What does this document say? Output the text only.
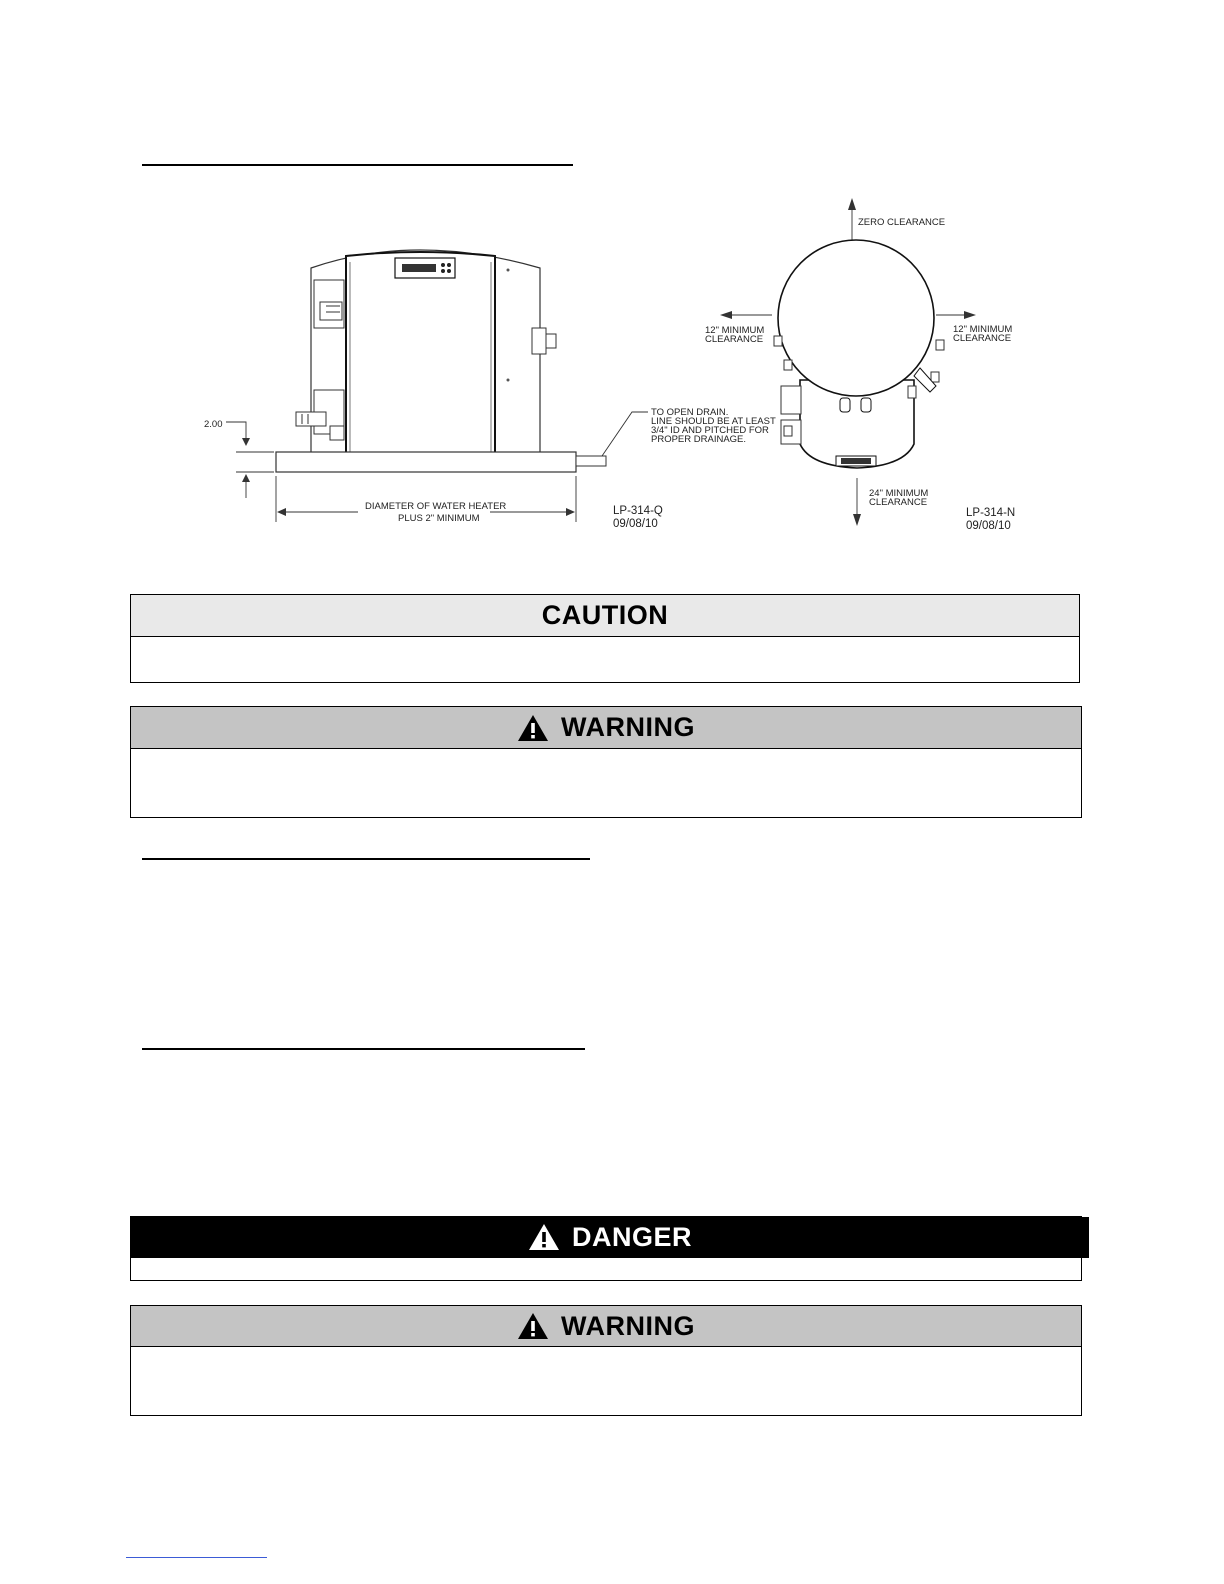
2.00
TO OPEN DRAIN.
LINE SHOULD BE AT LEAST
3/4" ID AND PITCHED FOR
PROPER DRAINAGE.
DIAMETER OF WATER HEATER
PLUS 2" MINIMUM
LP-314-Q
09/08/10
ZERO CLEARANCE
12" MINIMUM
CLEARANCE
12" MINIMUM
CLEARANCE
24" MINIMUM
CLEARANCE
LP-314-N
09/08/10
CAUTION
WARNING
DANGER
WARNING
